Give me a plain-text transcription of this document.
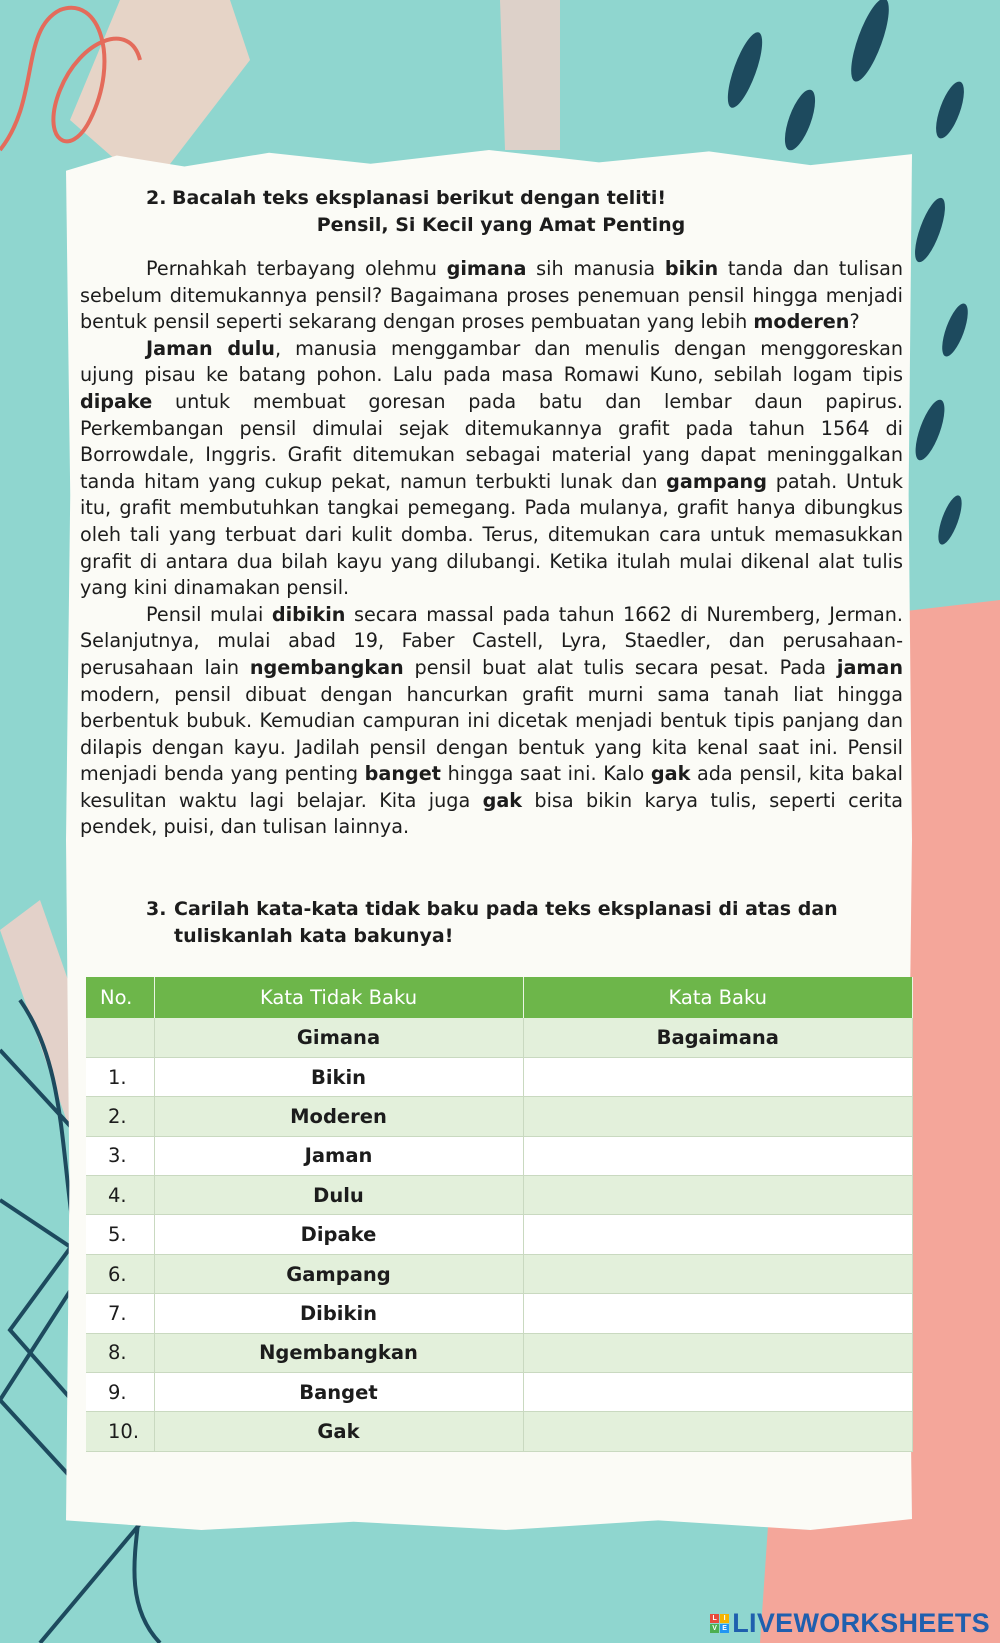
2. Bacalah teks eksplanasi berikut dengan teliti!
Pensil, Si Kecil yang Amat Penting

Pernahkah terbayang olehmu gimana sih manusia bikin tanda dan tulisan sebelum ditemukannya pensil? Bagaimana proses penemuan pensil hingga menjadi bentuk pensil seperti sekarang dengan proses pembuatan yang lebih moderen?

Jaman dulu, manusia menggambar dan menulis dengan menggoreskan ujung pisau ke batang pohon. Lalu pada masa Romawi Kuno, sebilah logam tipis dipake untuk membuat goresan pada batu dan lembar daun papirus. Perkembangan pensil dimulai sejak ditemukannya grafit pada tahun 1564 di Borrowdale, Inggris. Grafit ditemukan sebagai material yang dapat meninggalkan tanda hitam yang cukup pekat, namun terbukti lunak dan gampang patah. Untuk itu, grafit membutuhkan tangkai pemegang. Pada mulanya, grafit hanya dibungkus oleh tali yang terbuat dari kulit domba. Terus, ditemukan cara untuk memasukkan grafit di antara dua bilah kayu yang dilubangi. Ketika itulah mulai dikenal alat tulis yang kini dinamakan pensil.

Pensil mulai dibikin secara massal pada tahun 1662 di Nuremberg, Jerman. Selanjutnya, mulai abad 19, Faber Castell, Lyra, Staedler, dan perusahaan-perusahaan lain ngembangkan pensil buat alat tulis secara pesat. Pada jaman modern, pensil dibuat dengan hancurkan grafit murni sama tanah liat hingga berbentuk bubuk. Kemudian campuran ini dicetak menjadi bentuk tipis panjang dan dilapis dengan kayu. Jadilah pensil dengan bentuk yang kita kenal saat ini. Pensil menjadi benda yang penting banget hingga saat ini. Kalo gak ada pensil, kita bakal kesulitan waktu lagi belajar. Kita juga gak bisa bikin karya tulis, seperti cerita pendek, puisi, dan tulisan lainnya.

3. Carilah kata-kata tidak baku pada teks eksplanasi di atas dan tuliskanlah kata bakunya!
No.	Kata Tidak Baku	Kata Baku
	Gimana	Bagaimana
1.	Bikin	
2.	Moderen	
3.	Jaman	
4.	Dulu	
5.	Dipake	
6.	Gampang	
7.	Dibikin	
8.	Ngembangkan	
9.	Banget	
10.	Gak	
L I
V E LIVEWORKSHEETS
